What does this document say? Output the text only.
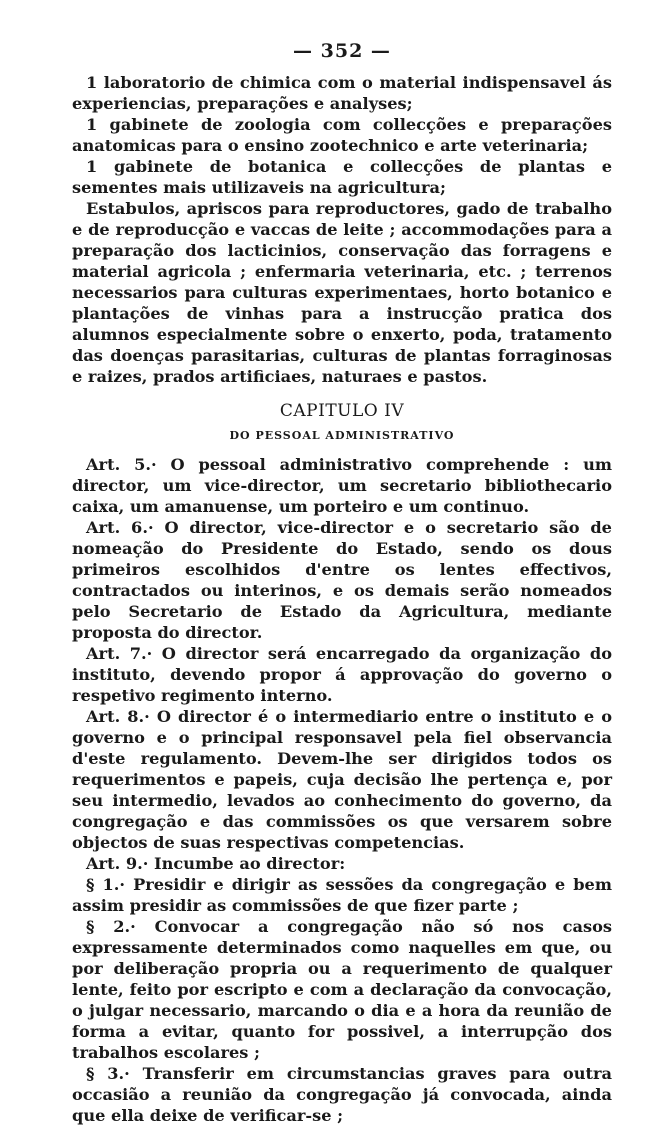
— 352 —

1 laboratorio de chimica com o material indispensavel ás experiencias, preparações e analyses;

1 gabinete de zoologia com collecções e preparações anatomicas para o ensino zootechnico e arte veterinaria;

1 gabinete de botanica e collecções de plantas e sementes mais utilizaveis na agricultura;

Estabulos, apriscos para reproductores, gado de trabalho e de reproducção e vaccas de leite ; accommodações para a preparação dos lacticinios, conservação das forragens e material agricola ; enfermaria veterinaria, etc. ; terrenos necessarios para culturas experimentaes, horto botanico e plantações de vinhas para a instrucção pratica dos alumnos especialmente sobre o enxerto, poda, tratamento das doenças parasitarias, culturas de plantas forraginosas e raizes, prados artificiaes, naturaes e pastos.

CAPITULO IV
DO PESSOAL ADMINISTRATIVO

Art. 5.· O pessoal administrativo comprehende : um director, um vice-director, um secretario bibliothecario caixa, um amanuense, um porteiro e um continuo.

Art. 6.· O director, vice-director e o secretario são de nomeação do Presidente do Estado, sendo os dous primeiros escolhidos d'entre os lentes effectivos, contractados ou interinos, e os demais serão nomeados pelo Secretario de Estado da Agricultura, mediante proposta do director.

Art. 7.· O director será encarregado da organização do instituto, devendo propor á approvação do governo o respetivo regimento interno.

Art. 8.· O director é o intermediario entre o instituto e o governo e o principal responsavel pela fiel observancia d'este regulamento. Devem-lhe ser dirigidos todos os requerimentos e papeis, cuja decisão lhe pertença e, por seu intermedio, levados ao conhecimento do governo, da congregação e das commissões os que versarem sobre objectos de suas respectivas competencias.

Art. 9.· Incumbe ao director:

§ 1.· Presidir e dirigir as sessões da congregação e bem assim presidir as commissões de que fizer parte ;

§ 2.· Convocar a congregação não só nos casos expressamente determinados como naquelles em que, ou por deliberação propria ou a requerimento de qualquer lente, feito por escripto e com a declaração da convocação, o julgar necessario, marcando o dia e a hora da reunião de forma a evitar, quanto for possivel, a interrupção dos trabalhos escolares ;

§ 3.· Transferir em circumstancias graves para outra occasião a reunião da congregação já convocada, ainda que ella deixe de verificar-se ;
